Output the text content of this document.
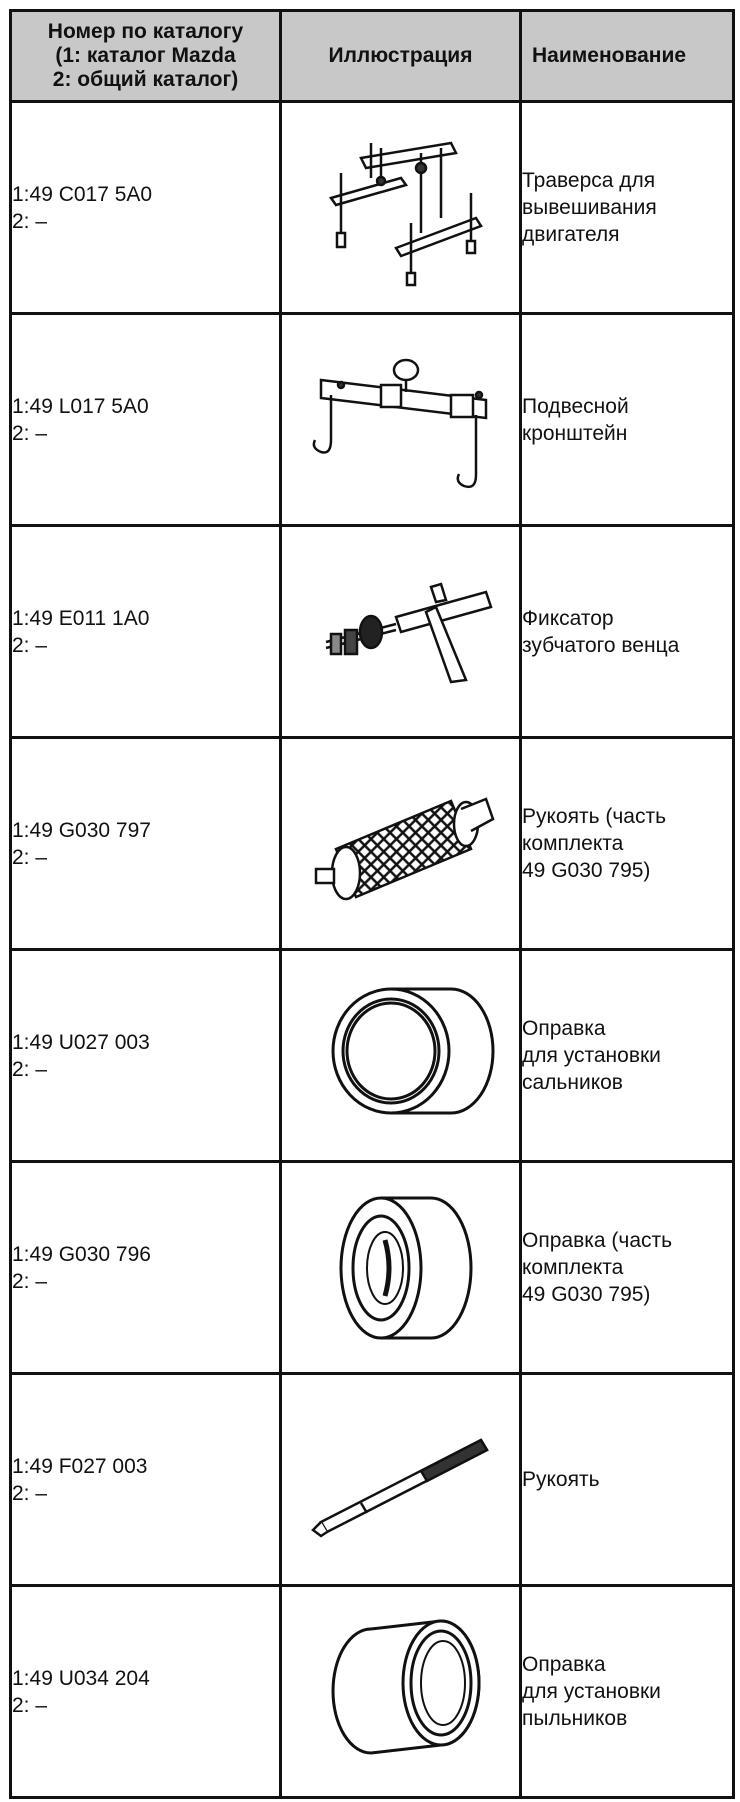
Номер по каталогу
(1: каталог Mazda
2: общий каталог)	Иллюстрация	Наименование

1:49 C017 5A0
2: –		Траверса для
вывешивания
двигателя

1:49 L017 5A0
2: –		Подвесной
кронштейн

1:49 E011 1A0
2: –		Фиксатор
зубчатого венца

1:49 G030 797
2: –		Рукоять (часть
комплекта
49 G030 795)

1:49 U027 003
2: –		Оправка
для установки
сальников

1:49 G030 796
2: –		Оправка (часть
комплекта
49 G030 795)

1:49 F027 003
2: –		Рукоять

1:49 U034 204
2: –		Оправка
для установки
пыльников
